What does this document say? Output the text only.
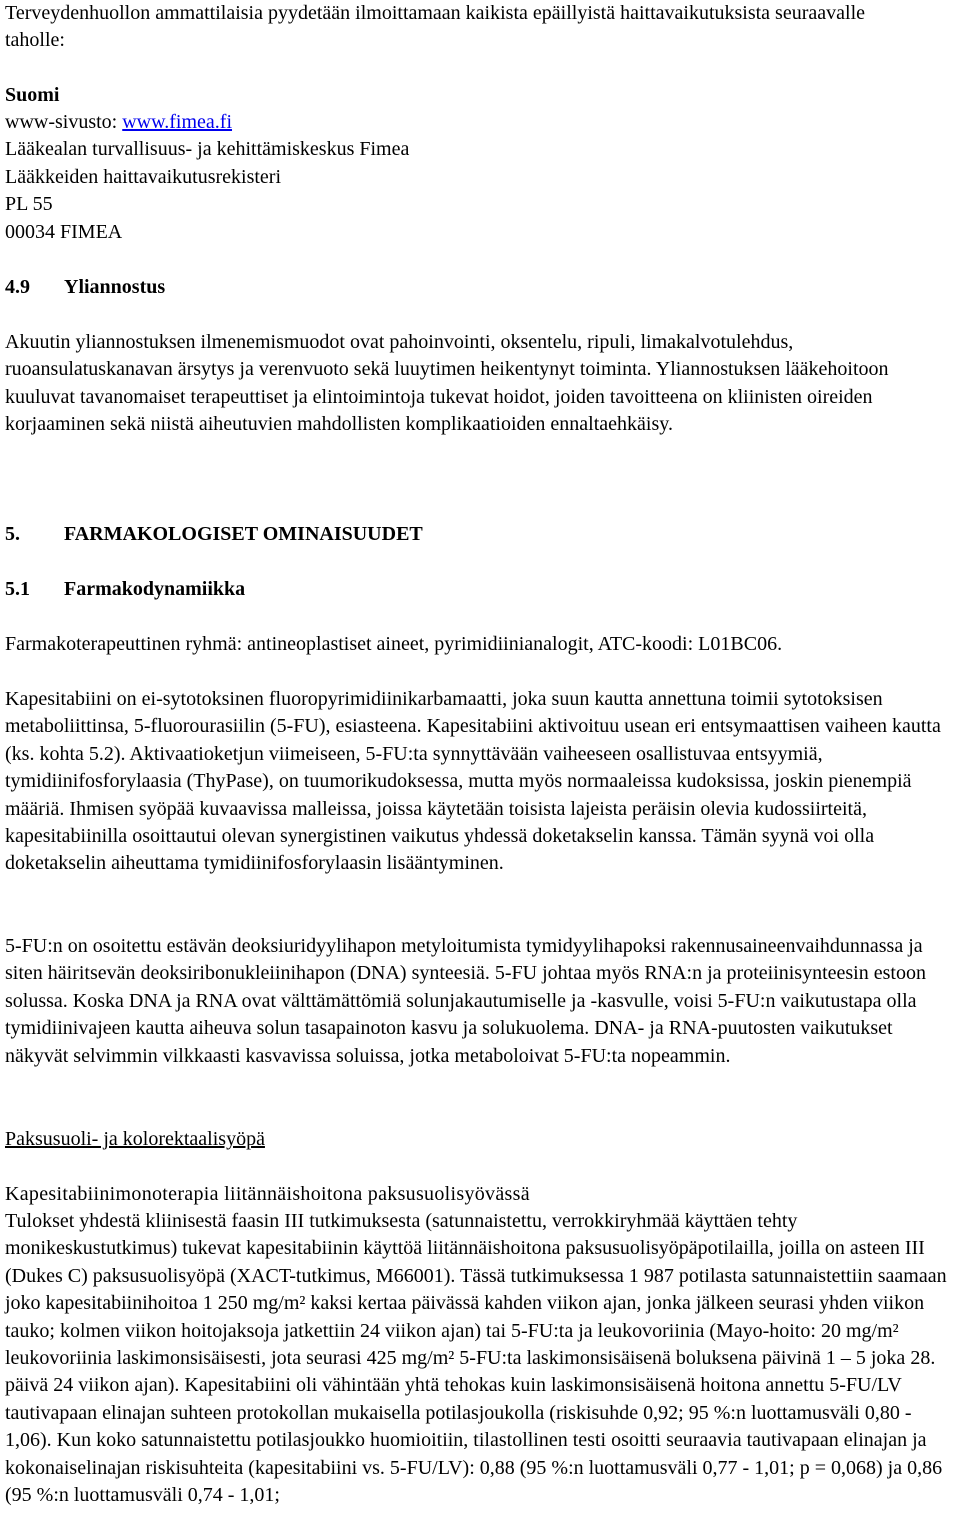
Terveydenhuollon ammattilaisia pyydetään ilmoittamaan kaikista epäillyistä haittavaikutuksista seuraavalle taholle:

Suomi

www-sivusto: www.fimea.fi

Lääkealan turvallisuus- ja kehittämiskeskus Fimea

Lääkkeiden haittavaikutusrekisteri

PL 55

00034 FIMEA

4.9	Yliannostus

Akuutin yliannostuksen ilmenemismuodot ovat pahoinvointi, oksentelu, ripuli, limakalvotulehdus, ruoansulatuskanavan ärsytys ja verenvuoto sekä luuytimen heikentynyt toiminta. Yliannostuksen lääkehoitoon kuuluvat tavanomaiset terapeuttiset ja elintoimintoja tukevat hoidot, joiden tavoitteena on kliinisten oireiden korjaaminen sekä niistä aiheutuvien mahdollisten komplikaatioiden ennaltaehkäisy.

5.	FARMAKOLOGISET OMINAISUUDET

5.1	Farmakodynamiikka

Farmakoterapeuttinen ryhmä: antineoplastiset aineet, pyrimidiinianalogit, ATC-koodi: L01BC06.

Kapesitabiini on ei-sytotoksinen fluoropyrimidiinikarbamaatti, joka suun kautta annettuna toimii sytotoksisen metaboliittinsa, 5-fluorourasiilin (5-FU), esiasteena. Kapesitabiini aktivoituu usean eri entsymaattisen vaiheen kautta (ks. kohta 5.2). Aktivaatioketjun viimeiseen, 5-FU:ta synnyttävään vaiheeseen osallistuvaa entsyymiä, tymidiinifosforylaasia (ThyPase), on tuumorikudoksessa, mutta myös normaaleissa kudoksissa, joskin pienempiä määriä. Ihmisen syöpää kuvaavissa malleissa, joissa käytetään toisista lajeista peräisin olevia kudossiirteitä, kapesitabiinilla osoittautui olevan synergistinen vaikutus yhdessä doketakselin kanssa. Tämän syynä voi olla doketakselin aiheuttama tymidiinifosforylaasin lisääntyminen.

5-FU:n on osoitettu estävän deoksiuridyylihapon metyloitumista tymidyylihapoksi rakennusaineenvaihdunnassa ja siten häiritsevän deoksiribonukleiinihapon (DNA) synteesiä. 5-FU johtaa myös RNA:n ja proteiinisynteesin estoon solussa. Koska DNA ja RNA ovat välttämättömiä solunjakautumiselle ja -kasvulle, voisi 5-FU:n vaikutustapa olla tymidiinivajeen kautta aiheuva solun tasapainoton kasvu ja solukuolema. DNA- ja RNA-puutosten vaikutukset näkyvät selvimmin vilkkaasti kasvavissa soluissa, jotka metaboloivat 5-FU:ta nopeammin.

Paksusuoli- ja kolorektaalisyöpä

Kapesitabiinimonoterapia liitännäishoitona paksusuolisyövässä

Tulokset yhdestä kliinisestä faasin III tutkimuksesta (satunnaistettu, verrokkiryhmää käyttäen tehty monikeskustutkimus) tukevat kapesitabiinin käyttöä liitännäishoitona paksusuolisyöpäpotilailla, joilla on asteen III (Dukes C) paksusuolisyöpä (XACT-tutkimus, M66001). Tässä tutkimuksessa 1 987 potilasta satunnaistettiin saamaan joko kapesitabiinihoitoa 1 250 mg/m² kaksi kertaa päivässä kahden viikon ajan, jonka jälkeen seurasi yhden viikon tauko; kolmen viikon hoitojaksoja jatkettiin 24 viikon ajan) tai 5-FU:ta ja leukovoriinia (Mayo-hoito: 20 mg/m² leukovoriinia laskimonsisäisesti, jota seurasi 425 mg/m² 5-FU:ta laskimonsisäisenä boluksena päivinä 1 – 5 joka 28. päivä 24 viikon ajan). Kapesitabiini oli vähintään yhtä tehokas kuin laskimonsisäisenä hoitona annettu 5-FU/LV tautivapaan elinajan suhteen protokollan mukaisella potilasjoukolla (riskisuhde 0,92; 95 %:n luottamusväli 0,80 - 1,06). Kun koko satunnaistettu potilasjoukko huomioitiin, tilastollinen testi osoitti seuraavia tautivapaan elinajan ja kokonaiselinajan riskisuhteita (kapesitabiini vs. 5-FU/LV): 0,88 (95 %:n luottamusväli 0,77 - 1,01; p = 0,068) ja 0,86 (95 %:n luottamusväli 0,74 - 1,01;
